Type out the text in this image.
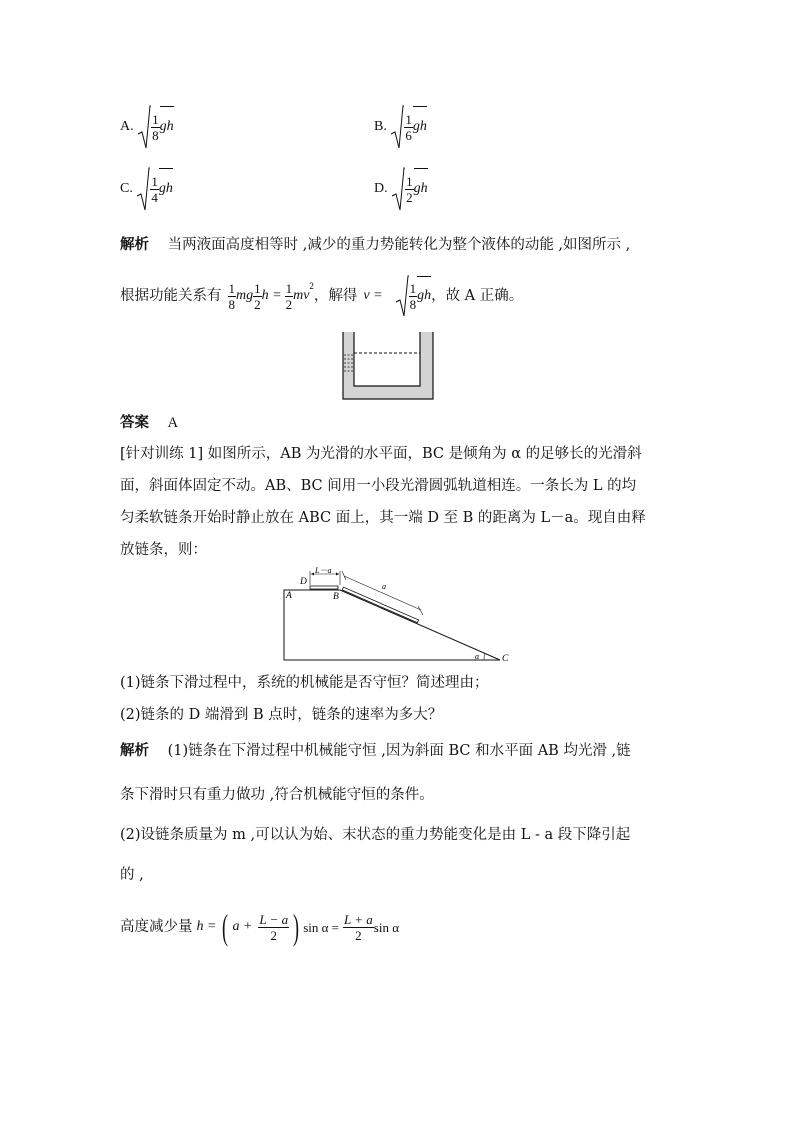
A. $\frac{1}{8}$ gh	B. $\frac{1}{6}$ gh
C. $\frac{1}{4}$ gh	D. $\frac{1}{2}$ gh
解析 当两液面高度相等时 ,减少的重力势能转化为整个液体的动能 ,如图所示 ,
根据功能关系有 $\frac{1}{8}$ mg $\frac{1}{2}$ $h = \frac{1}{2}$ mv
$^2$
，解得 $v = \frac{1}{8}$ gh ，故 A 正确。
答案 A
[针对训练 1] 如图所示，AB 为光滑的水平面，BC 是倾角为 α 的足够长的光滑斜
面，斜面体固定不动。AB、BC 间用一小段光滑圆弧轨道相连。一条长为 L 的均
匀柔软链条开始时静止放在 ABC 面上，其一端 D 至 B 的距离为 L－a。现自由释
放链条，则：
D
A	B
C
L－a
a
α
(1)链条下滑过程中，系统的机械能是否守恒？简述理由；
(2)链条的 D 端滑到 B 点时，链条的速率为多大？
解析 (1)链条在下滑过程中机械能守恒 ,因为斜面 BC 和水平面 AB 均光滑 ,链
条下滑时只有重力做功 ,符合机械能守恒的条件。
(2)设链条质量为 m ,可以认为始、末状态的重力势能变化是由 L - a 段下降引起
的 ,
高度减少量 h = ( $a + \frac{L - a}{2}$ ) $\sin \alpha = \frac{L + a}{2}$ sin α
